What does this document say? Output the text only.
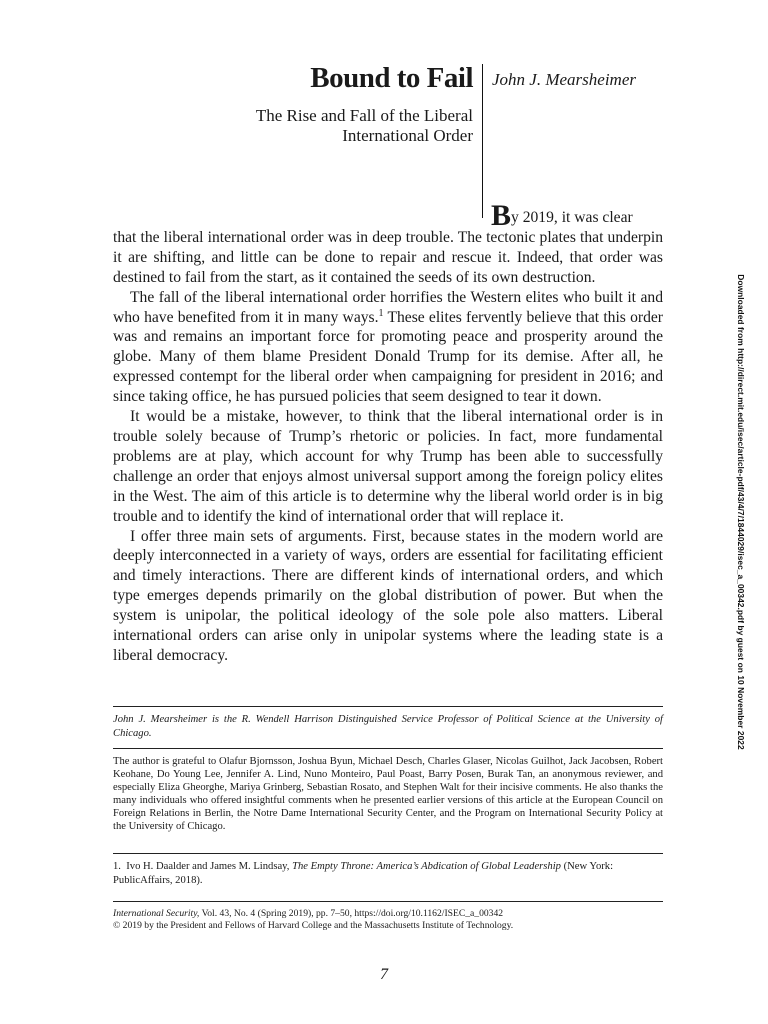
Bound to Fail John J. Mearsheimer
The Rise and Fall of the Liberal
International Order

By 2019, it was clear
that the liberal international order was in deep trouble. The tectonic plates that underpin it are shifting, and little can be done to repair and rescue it. Indeed, that order was destined to fail from the start, as it contained the seeds of its own destruction.

The fall of the liberal international order horrifies the Western elites who built it and who have benefited from it in many ways.$^1$ These elites fervently believe that this order was and remains an important force for promoting peace and prosperity around the globe. Many of them blame President Donald Trump for its demise. After all, he expressed contempt for the liberal order when campaigning for president in 2016; and since taking office, he has pursued policies that seem designed to tear it down.

It would be a mistake, however, to think that the liberal international order is in trouble solely because of Trump’s rhetoric or policies. In fact, more fundamental problems are at play, which account for why Trump has been able to successfully challenge an order that enjoys almost universal support among the foreign policy elites in the West. The aim of this article is to determine why the liberal world order is in big trouble and to identify the kind of international order that will replace it.

I offer three main sets of arguments. First, because states in the modern world are deeply interconnected in a variety of ways, orders are essential for facilitating efficient and timely interactions. There are different kinds of international orders, and which type emerges depends primarily on the global distribution of power. But when the system is unipolar, the political ideology of the sole pole also matters. Liberal international orders can arise only in unipolar systems where the leading state is a liberal democracy.

John J. Mearsheimer is the R. Wendell Harrison Distinguished Service Professor of Political Science at the University of Chicago.
The author is grateful to Olafur Bjornsson, Joshua Byun, Michael Desch, Charles Glaser, Nicolas Guilhot, Jack Jacobsen, Robert Keohane, Do Young Lee, Jennifer A. Lind, Nuno Monteiro, Paul Poast, Barry Posen, Burak Tan, an anonymous reviewer, and especially Eliza Gheorghe, Mariya Grinberg, Sebastian Rosato, and Stephen Walt for their incisive comments. He also thanks the many individuals who offered insightful comments when he presented earlier versions of this article at the European Council on Foreign Relations in Berlin, the Notre Dame International Security Center, and the Program on International Security Policy at the University of Chicago.
1. Ivo H. Daalder and James M. Lindsay, The Empty Throne: America’s Abdication of Global Leadership (New York: PublicAffairs, 2018).
International Security, Vol. 43, No. 4 (Spring 2019), pp. 7–50, https://doi.org/10.1162/ISEC_a_00342
© 2019 by the President and Fellows of Harvard College and the Massachusetts Institute of Technology.
7
Downloaded from http://direct.mit.edu/isec/article-pdf/43/4/7/1844029/isec_a_00342.pdf by guest on 10 November 2022
